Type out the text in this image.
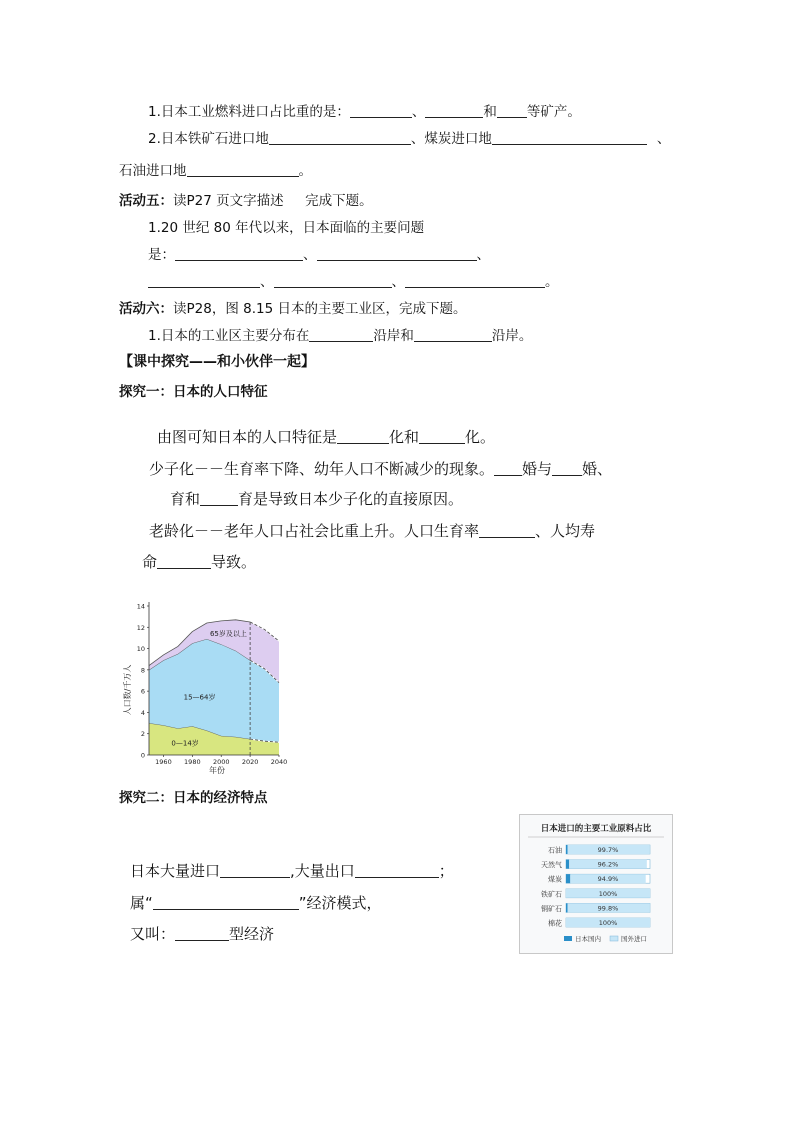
1.日本工业燃料进口占比重的是：	、	和 等矿产。
2.日本铁矿石进口地	、煤炭进口地	、
石油进口地	。
活动五：读P27 页文字描述     完成下题。
1.20 世纪 80 年代以来，日本面临的主要问题
是：	、	、
、	、	。
活动六：读P28，图 8.15 日本的主要工业区，完成下题。
1.日本的工业区主要分布在	沿岸和	沿岸。
【课中探究——和小伙伴一起】
探究一：日本的人口特征
由图可知日本的人口特征是	化和	化。
少子化－－生育率下降、幼年人口不断减少的现象。 婚与 婚、
育和	育是导致日本少子化的直接原因。
老龄化－－老年人口占社会比重上升。人口生育率	、人均寿
命	导致。
0
2
4
6
8
10
12
14
1960 1980 2000 2020 2040
0—14岁
15—64岁
65岁及以上
人口数/千万人
年份
探究二：日本的经济特点
日本大量进口	,大量出口	；
属“	”经济模式，
又叫：	型经济
日本进口的主要工业原料占比
石油	99.7%
天然气	96.2%
煤炭	94.9%
铁矿石	100%
铜矿石	99.8%
棉花	100%
日本国内	国外进口
